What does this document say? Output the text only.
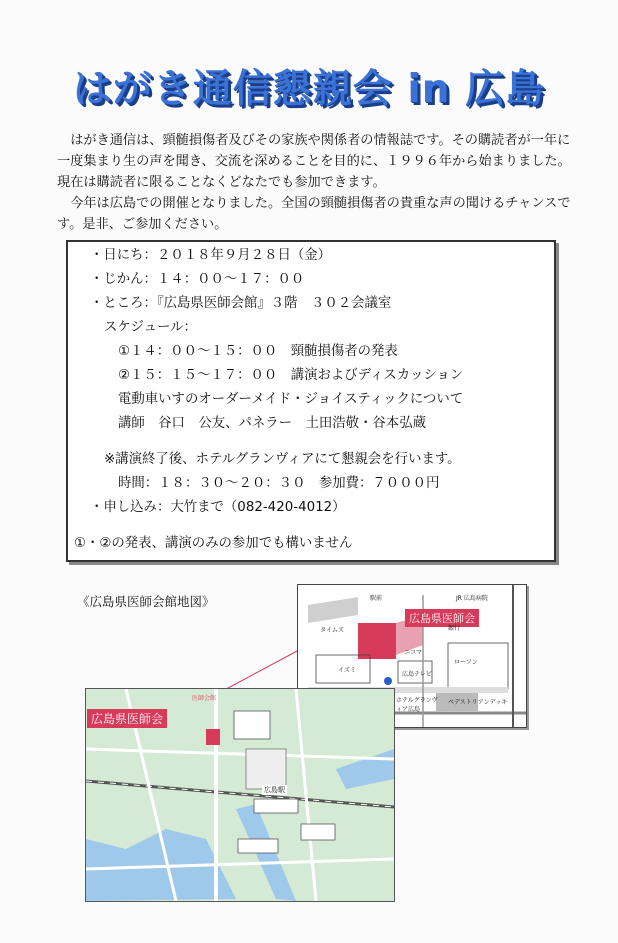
はがき通信懇親会 in 広島

はがき通信は、頸髄損傷者及びその家族や関係者の情報誌です。その購読者が一年に一度集まり生の声を聞き、交流を深めることを目的に、１９９６年から始まりました。現在は購読者に限ることなくどなたでも参加できます。

今年は広島での開催となりました。全国の頸髄損傷者の貴重な声の聞けるチャンスです。是非、ご参加ください。

・日にち：２０１８年９月２８日（金）
・じかん：１４：００～１７：００
・ところ：『広島県医師会館』３階　３０２会議室
スケジュール：
①１４：００～１５：００　頸髄損傷者の発表
②１５：１５～１７：００　講演およびディスカッション
電動車いすのオーダーメイド・ジョイスティックについて
講師　谷口　公友、パネラー　土田浩敬・谷本弘蔵
※講演終了後、ホテルグランヴィアにて懇親会を行います。
時間：１８：３０～２０：３０　参加費：７０００円
・申し込み：大竹まで（082-420-4012）
①・②の発表、講演のみの参加でも構いません
《広島県医師会館地図》
広島県医師会
タイムズ
JR 広島病院
駅前
銀行
ニコマ
イズミ
広島テレビ
ローソン
ホテルグランヴィア広島
ペデストリアンデッキ
広島県医師会
医師会館
広島駅
